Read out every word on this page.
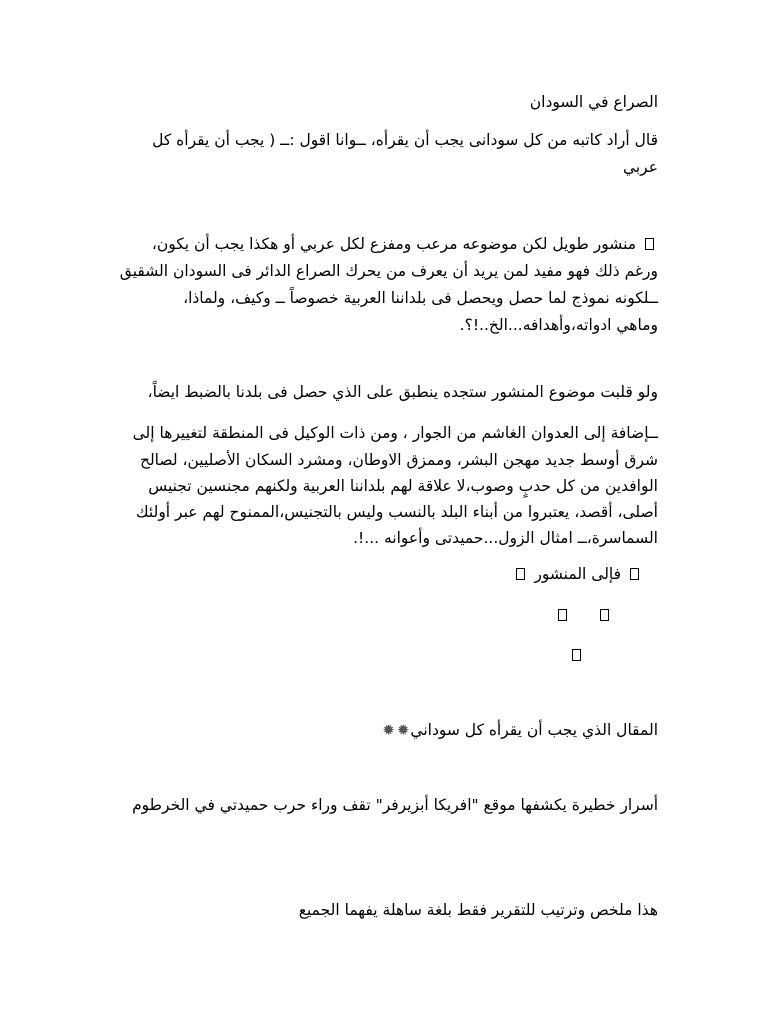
الصراع في السودان
قال أراد كاتبه من كل سودانى يجب أن يقرأه، ــوانا اقول :ــ ( يجب أن يقرأه كل
عربي
منشور طويل لكن موضوعه مرعب ومفزع لكل عربي أو هكذا يجب أن يكون،
ورغم ذلك فهو مفيد لمن يريد أن يعرف من يحرك الصراع الدائر فى السودان الشقيق
ــلكونه نموذج لما حصل ويحصل فى بلداننا العربية خصوصاً ــ وكيف، ولماذا،
وماهي ادواته،وأهدافه...الخ..!؟.
ولو قلبت موضوع المنشور ستجده ينطبق على الذي حصل فى بلدنا بالضبط ايضاً،
ــإضافة إلى العدوان الغاشم من الجوار ، ومن ذات الوكيل فى المنطقة لتغييرها إلى
شرق أوسط جديد مهجن البشر، وممزق الاوطان، ومشرد السكان الأصليين، لصالح
الوافدين من كل حدبٍ وصوب،لا علاقة لهم بلداننا العربية ولكنهم مجنسين تجنيس
أصلى، أقصد، يعتبروا من أبناء البلد بالنسب وليس بالتجنيس،الممنوح لهم عبر أولئك
السماسرة،ــ امثال الزول...حميدتى وأعوانه ...!.
فإلى المنشور

المقال الذي يجب أن يقرأه كل سوداني✹✹
أسرار خطيرة يكشفها موقع "افريكا أبزيرفر" تقف وراء حرب حميدتي في الخرطوم
هذا ملخص وترتيب للتقرير فقط بلغة ساهلة يفهما الجميع
